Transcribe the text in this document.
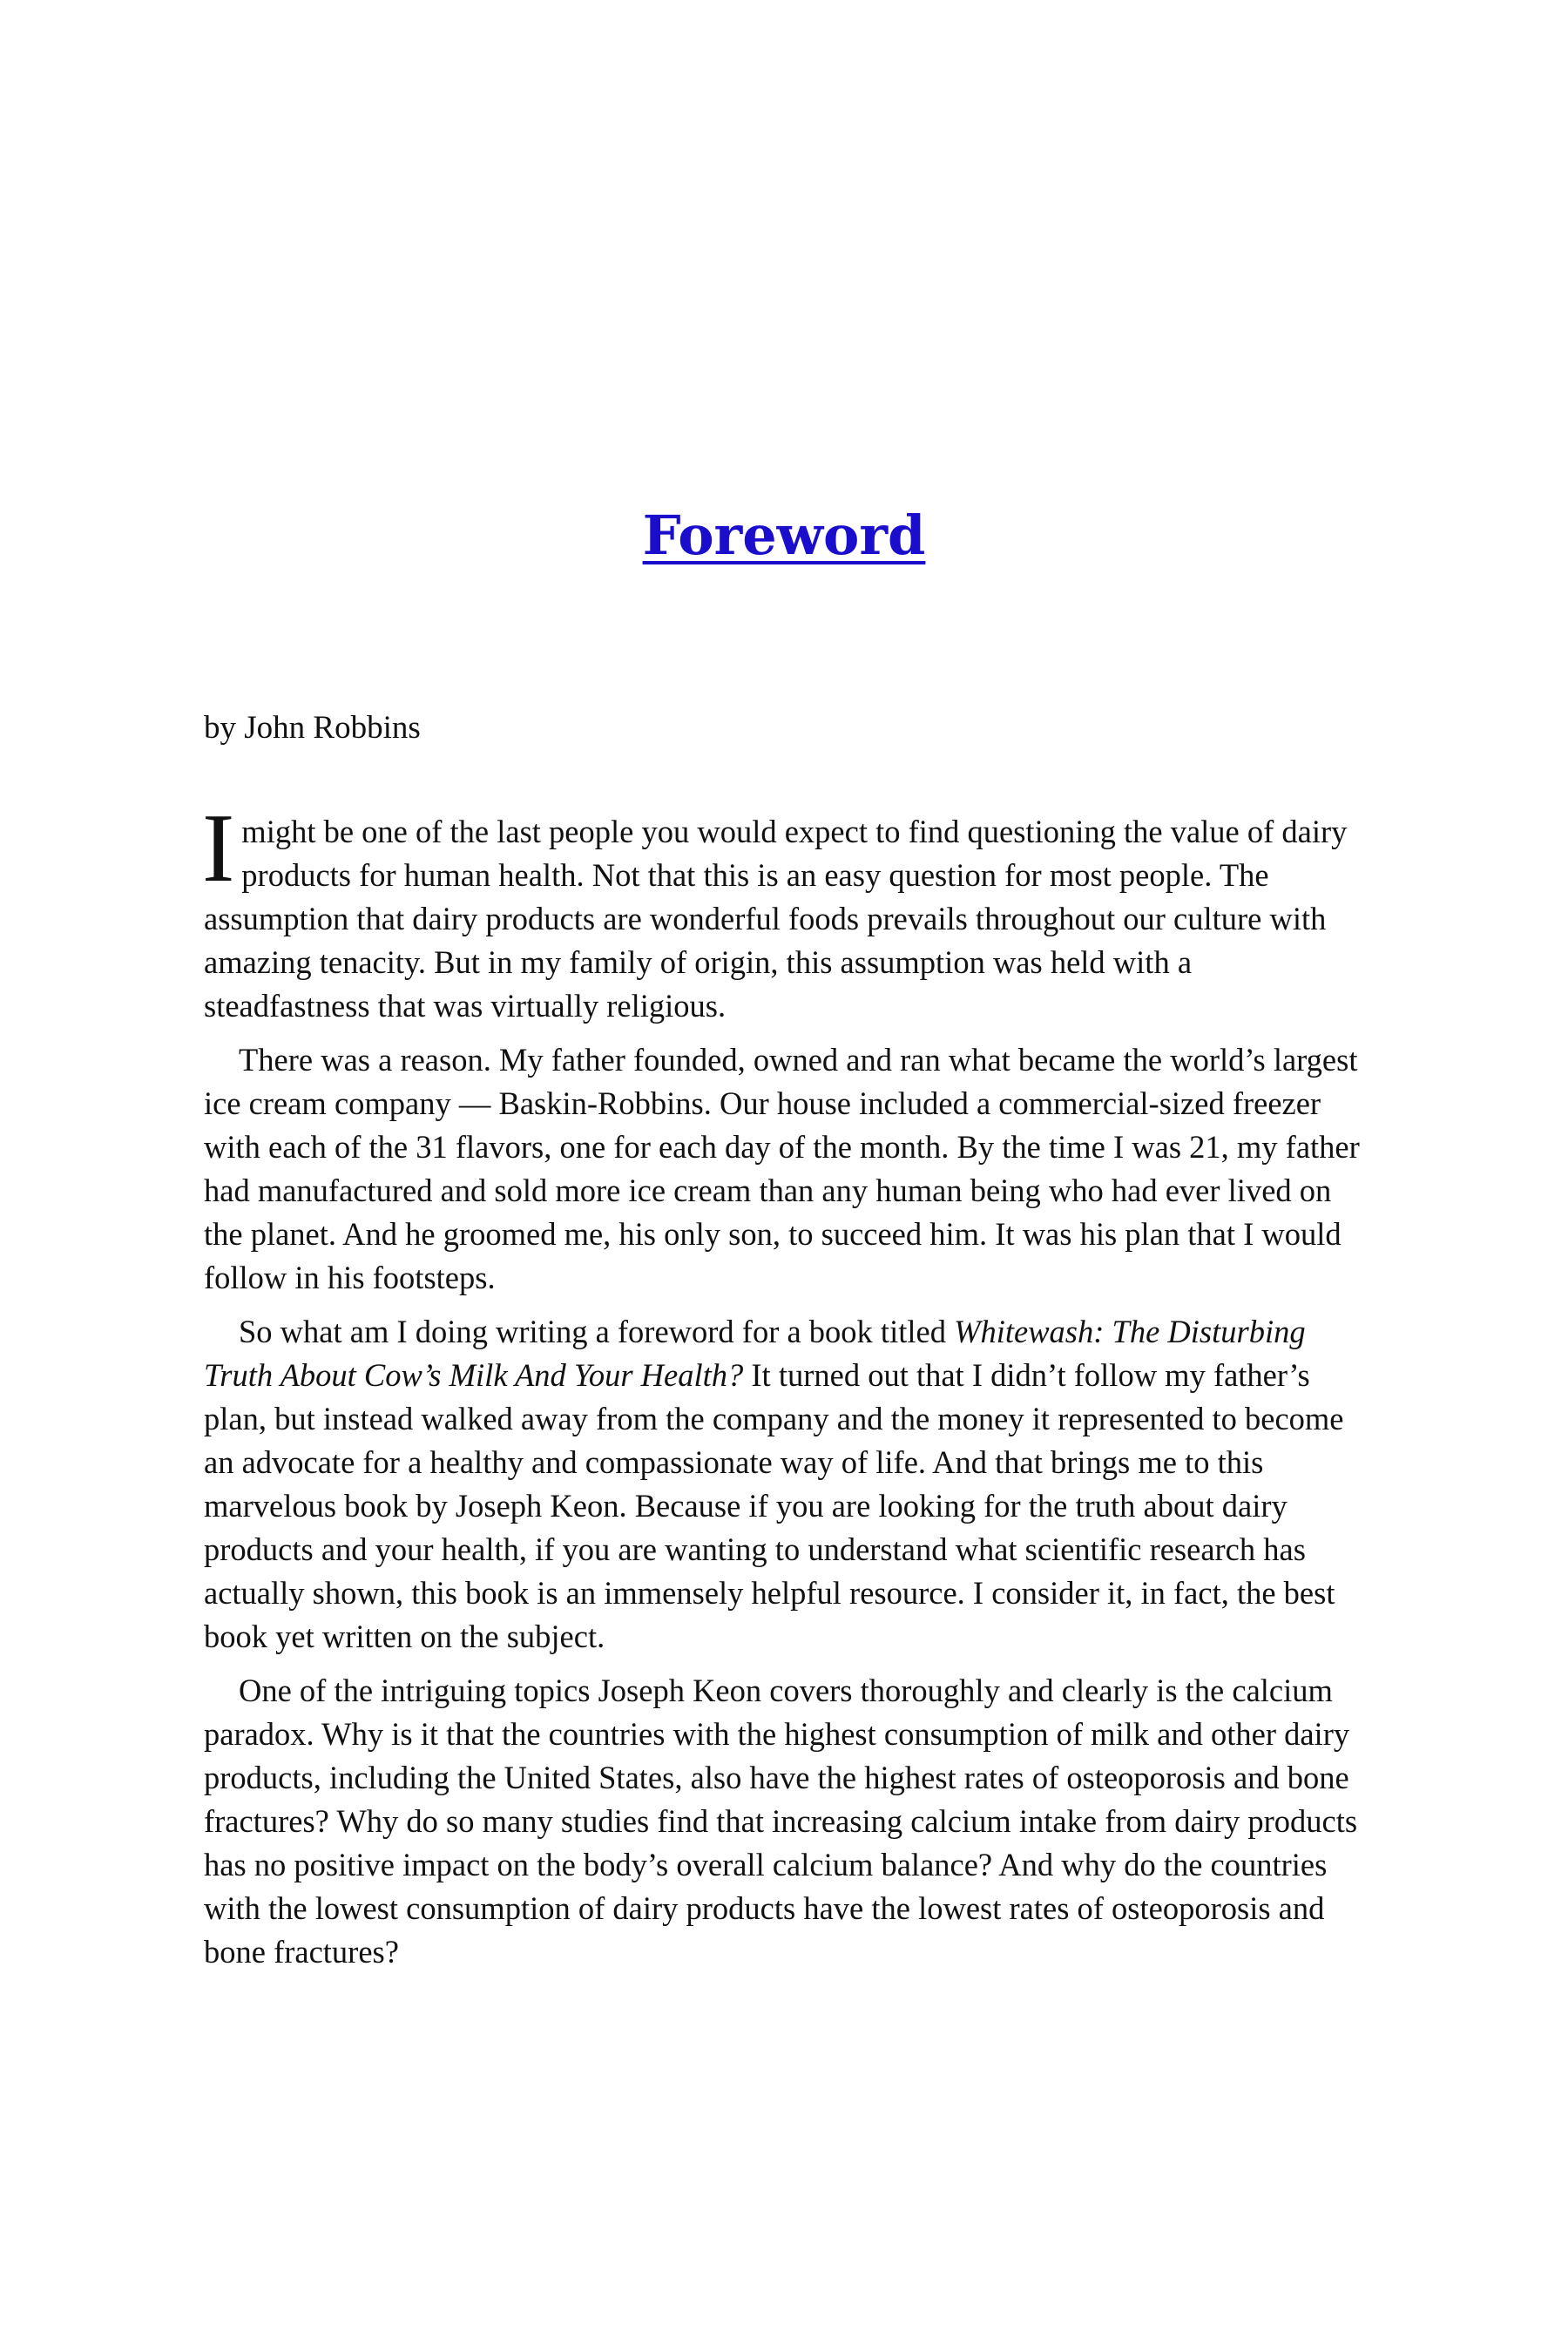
Foreword
by John Robbins

Imight be one of the last people you would expect to find questioning the value of dairy products for human health. Not that this is an easy question for most people. The assumption that dairy products are wonderful foods prevails throughout our culture with amazing tenacity. But in my family of origin, this assumption was held with a steadfastness that was virtually religious.

There was a reason. My father founded, owned and ran what became the world’s largest ice cream company — Baskin-Robbins. Our house included a commercial-sized freezer with each of the 31 flavors, one for each day of the month. By the time I was 21, my father had manufactured and sold more ice cream than any human being who had ever lived on the planet. And he groomed me, his only son, to succeed him. It was his plan that I would follow in his footsteps.

So what am I doing writing a foreword for a book titled Whitewash: The Disturbing Truth About Cow’s Milk And Your Health? It turned out that I didn’t follow my father’s plan, but instead walked away from the company and the money it represented to become an advocate for a healthy and compassionate way of life. And that brings me to this marvelous book by Joseph Keon. Because if you are looking for the truth about dairy products and your health, if you are wanting to understand what scientific research has actually shown, this book is an immensely helpful resource. I consider it, in fact, the best book yet written on the subject.

One of the intriguing topics Joseph Keon covers thoroughly and clearly is the calcium paradox. Why is it that the countries with the highest consumption of milk and other dairy products, including the United States, also have the highest rates of osteoporosis and bone fractures? Why do so many studies find that increasing calcium intake from dairy products has no positive impact on the body’s overall calcium balance? And why do the countries with the lowest consumption of dairy products have the lowest rates of osteoporosis and bone fractures?
